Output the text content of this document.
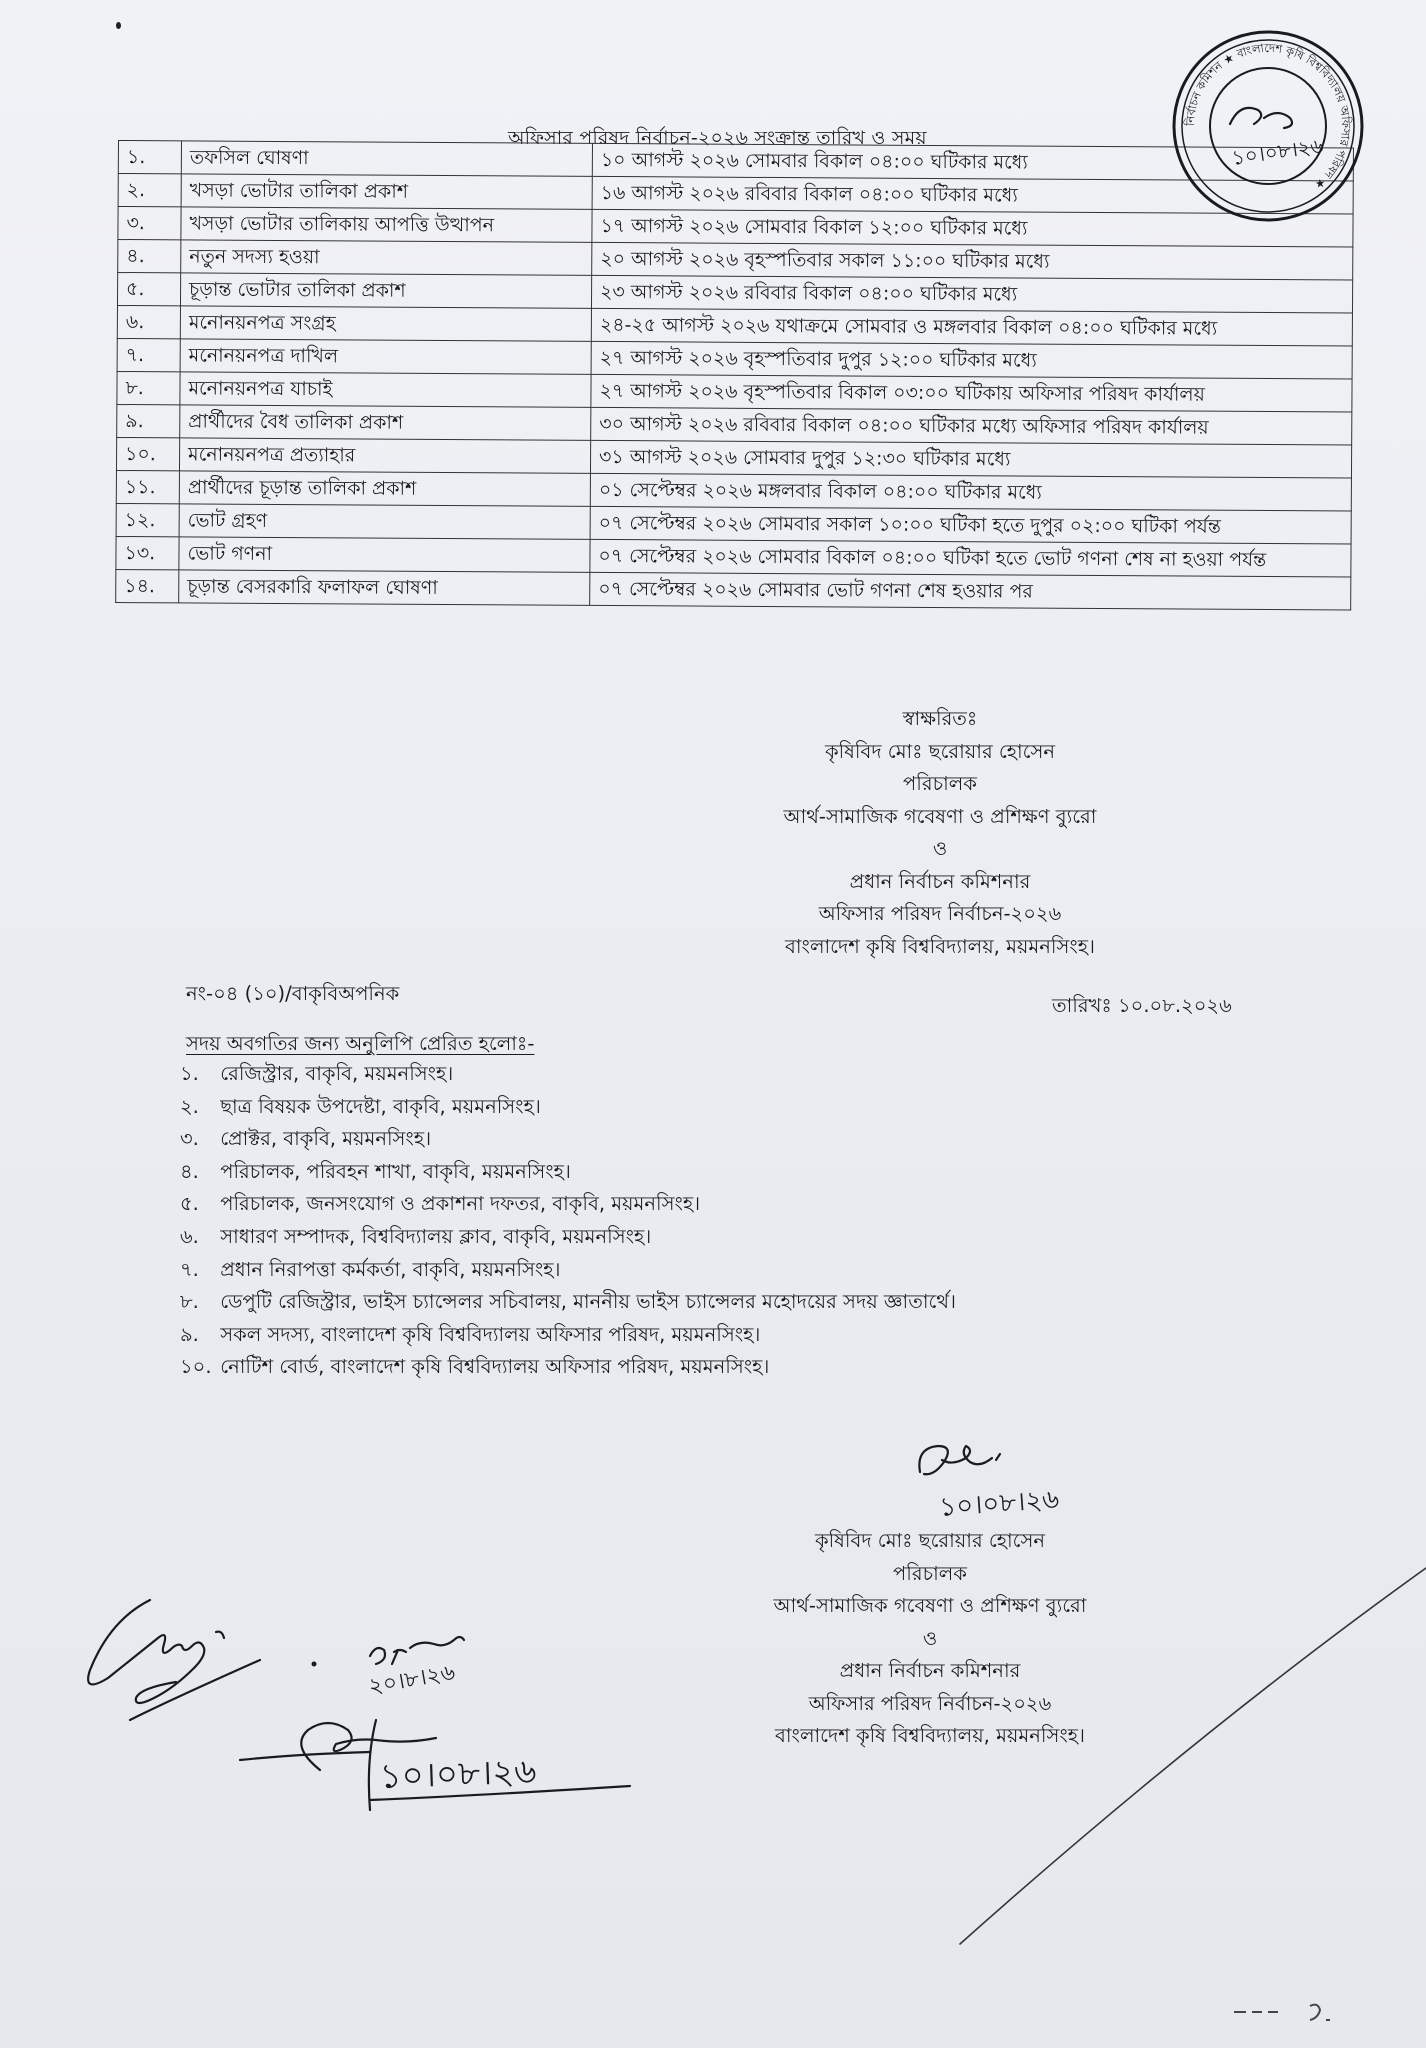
অফিসার পরিষদ নির্বাচন-২০২৬ সংক্রান্ত তারিখ ও সময়
১.	তফসিল ঘোষণা	১০ আগস্ট ২০২৬ সোমবার বিকাল ০৪:০০ ঘটিকার মধ্যে
২.	খসড়া ভোটার তালিকা প্রকাশ	১৬ আগস্ট ২০২৬ রবিবার বিকাল ০৪:০০ ঘটিকার মধ্যে
৩.	খসড়া ভোটার তালিকায় আপত্তি উত্থাপন	১৭ আগস্ট ২০২৬ সোমবার বিকাল ১২:০০ ঘটিকার মধ্যে
৪.	নতুন সদস্য হওয়া	২০ আগস্ট ২০২৬ বৃহস্পতিবার সকাল ১১:০০ ঘটিকার মধ্যে
৫.	চূড়ান্ত ভোটার তালিকা প্রকাশ	২৩ আগস্ট ২০২৬ রবিবার বিকাল ০৪:০০ ঘটিকার মধ্যে
৬.	মনোনয়নপত্র সংগ্রহ	২৪-২৫ আগস্ট ২০২৬ যথাক্রমে সোমবার ও মঙ্গলবার বিকাল ০৪:০০ ঘটিকার মধ্যে
৭.	মনোনয়নপত্র দাখিল	২৭ আগস্ট ২০২৬ বৃহস্পতিবার দুপুর ১২:০০ ঘটিকার মধ্যে
৮.	মনোনয়নপত্র যাচাই	২৭ আগস্ট ২০২৬ বৃহস্পতিবার বিকাল ০৩:০০ ঘটিকায় অফিসার পরিষদ কার্যালয়
৯.	প্রার্থীদের বৈধ তালিকা প্রকাশ	৩০ আগস্ট ২০২৬ রবিবার বিকাল ০৪:০০ ঘটিকার মধ্যে অফিসার পরিষদ কার্যালয়
১০.	মনোনয়নপত্র প্রত্যাহার	৩১ আগস্ট ২০২৬ সোমবার দুপুর ১২:৩০ ঘটিকার মধ্যে
১১.	প্রার্থীদের চূড়ান্ত তালিকা প্রকাশ	০১ সেপ্টেম্বর ২০২৬ মঙ্গলবার বিকাল ০৪:০০ ঘটিকার মধ্যে
১২.	ভোট গ্রহণ	০৭ সেপ্টেম্বর ২০২৬ সোমবার সকাল ১০:০০ ঘটিকা হতে দুপুর ০২:০০ ঘটিকা পর্যন্ত
১৩.	ভোট গণনা	০৭ সেপ্টেম্বর ২০২৬ সোমবার বিকাল ০৪:০০ ঘটিকা হতে ভোট গণনা শেষ না হওয়া পর্যন্ত
১৪.	চূড়ান্ত বেসরকারি ফলাফল ঘোষণা	০৭ সেপ্টেম্বর ২০২৬ সোমবার ভোট গণনা শেষ হওয়ার পর
নির্বাচন কমিশন ★ বাংলাদেশ কৃষি বিশ্ববিদ্যালয় অফিসার পরিষদ ★
১০।০৮।২৬
স্বাক্ষরিতঃ
কৃষিবিদ মোঃ ছরোয়ার হোসেন
পরিচালক
আর্থ-সামাজিক গবেষণা ও প্রশিক্ষণ ব্যুরো
ও
প্রধান নির্বাচন কমিশনার
অফিসার পরিষদ নির্বাচন-২০২৬
বাংলাদেশ কৃষি বিশ্ববিদ্যালয়, ময়মনসিংহ।
নং-০৪ (১০)/বাকৃবিঅপনিক
তারিখঃ ১০.০৮.২০২৬
সদয় অবগতির জন্য অনুলিপি প্রেরিত হলোঃ-
১. রেজিস্ট্রার, বাকৃবি, ময়মনসিংহ।
২. ছাত্র বিষয়ক উপদেষ্টা, বাকৃবি, ময়মনসিংহ।
৩. প্রোক্টর, বাকৃবি, ময়মনসিংহ।
৪. পরিচালক, পরিবহন শাখা, বাকৃবি, ময়মনসিংহ।
৫. পরিচালক, জনসংযোগ ও প্রকাশনা দফতর, বাকৃবি, ময়মনসিংহ।
৬. সাধারণ সম্পাদক, বিশ্ববিদ্যালয় ক্লাব, বাকৃবি, ময়মনসিংহ।
৭. প্রধান নিরাপত্তা কর্মকর্তা, বাকৃবি, ময়মনসিংহ।
৮. ডেপুটি রেজিস্ট্রার, ভাইস চ্যান্সেলর সচিবালয়, মাননীয় ভাইস চ্যান্সেলর মহোদয়ের সদয় জ্ঞাতার্থে।
৯. সকল সদস্য, বাংলাদেশ কৃষি বিশ্ববিদ্যালয় অফিসার পরিষদ, ময়মনসিংহ।
১০. নোটিশ বোর্ড, বাংলাদেশ কৃষি বিশ্ববিদ্যালয় অফিসার পরিষদ, ময়মনসিংহ।
১০।০৮।২৬
কৃষিবিদ মোঃ ছরোয়ার হোসেন
পরিচালক
আর্থ-সামাজিক গবেষণা ও প্রশিক্ষণ ব্যুরো
ও
প্রধান নির্বাচন কমিশনার
অফিসার পরিষদ নির্বাচন-২০২৬
বাংলাদেশ কৃষি বিশ্ববিদ্যালয়, ময়মনসিংহ।
২০।৮।২৬
১০।০৮।২৬
